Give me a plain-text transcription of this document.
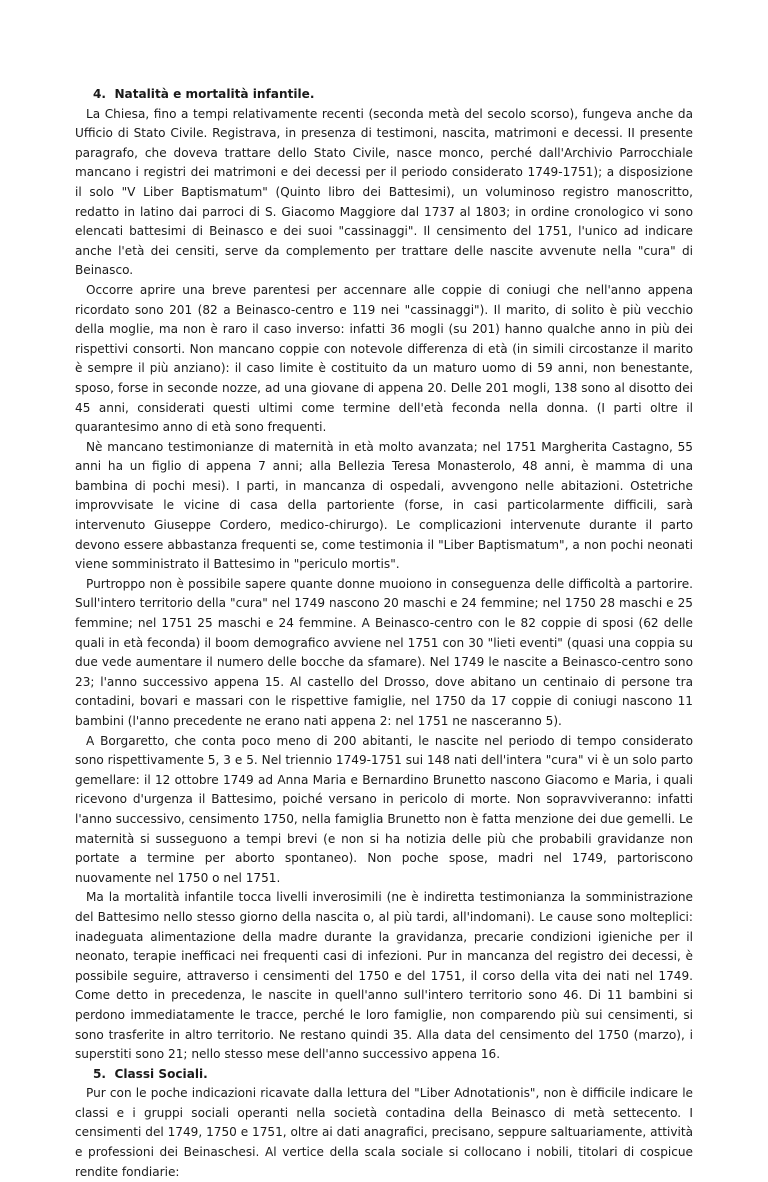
4. Natalità e mortalità infantile.

La Chiesa, fino a tempi relativamente recenti (seconda metà del secolo scorso), fungeva anche da Ufficio di Stato Civile. Registrava, in presenza di testimoni, nascita, matrimoni e decessi. II presente paragrafo, che doveva trattare dello Stato Civile, nasce monco, perché dall'Archivio Parrocchiale mancano i registri dei matrimoni e dei decessi per il periodo considerato 1749-1751); a disposizione il solo "V Liber Baptismatum" (Quinto libro dei Battesimi), un voluminoso registro manoscritto, redatto in latino dai parroci di S. Giacomo Maggiore dal 1737 al 1803; in ordine cronologico vi sono elencati battesimi di Beinasco e dei suoi "cassinaggi". Il censimento del 1751, l'unico ad indicare anche l'età dei censiti, serve da complemento per trattare delle nascite avvenute nella "cura" di Beinasco.

Occorre aprire una breve parentesi per accennare alle coppie di coniugi che nell'anno appena ricordato sono 201 (82 a Beinasco-centro e 119 nei "cassinaggi"). Il marito, di solito è più vecchio della moglie, ma non è raro il caso inverso: infatti 36 mogli (su 201) hanno qualche anno in più dei rispettivi consorti. Non mancano coppie con notevole differenza di età (in simili circostanze il marito è sempre il più anziano): il caso limite è costituito da un maturo uomo di 59 anni, non benestante, sposo, forse in seconde nozze, ad una giovane di appena 20. Delle 201 mogli, 138 sono al disotto dei 45 anni, considerati questi ultimi come termine dell'età feconda nella donna. (I parti oltre il quarantesimo anno di età sono frequenti.

Nè mancano testimonianze di maternità in età molto avanzata; nel 1751 Margherita Castagno, 55 anni ha un figlio di appena 7 anni; alla Bellezia Teresa Monasterolo, 48 anni, è mamma di una bambina di pochi mesi). I parti, in mancanza di ospedali, avvengono nelle abitazioni. Ostetriche improvvisate le vicine di casa della partoriente (forse, in casi particolarmente difficili, sarà intervenuto Giuseppe Cordero, medico-chirurgo). Le complicazioni intervenute durante il parto devono essere abbastanza frequenti se, come testimonia il "Liber Baptismatum", a non pochi neonati viene somministrato il Battesimo in "periculo mortis".

Purtroppo non è possibile sapere quante donne muoiono in conseguenza delle difficoltà a partorire. Sull'intero territorio della "cura" nel 1749 nascono 20 maschi e 24 femmine; nel 1750 28 maschi e 25 femmine; nel 1751 25 maschi e 24 femmine. A Beinasco-centro con le 82 coppie di sposi (62 delle quali in età feconda) il boom demografico avviene nel 1751 con 30 "lieti eventi" (quasi una coppia su due vede aumentare il numero delle bocche da sfamare). Nel 1749 le nascite a Beinasco-centro sono 23; l'anno successivo appena 15. Al castello del Drosso, dove abitano un centinaio di persone tra contadini, bovari e massari con le rispettive famiglie, nel 1750 da 17 coppie di coniugi nascono 11 bambini (l'anno precedente ne erano nati appena 2: nel 1751 ne nasceranno 5).

A Borgaretto, che conta poco meno di 200 abitanti, le nascite nel periodo di tempo considerato sono rispettivamente 5, 3 e 5. Nel triennio 1749-1751 sui 148 nati dell'intera "cura" vi è un solo parto gemellare: il 12 ottobre 1749 ad Anna Maria e Bernardino Brunetto nascono Giacomo e Maria, i quali ricevono d'urgenza il Battesimo, poiché versano in pericolo di morte. Non sopravviveranno: infatti l'anno successivo, censimento 1750, nella famiglia Brunetto non è fatta menzione dei due gemelli. Le maternità si susseguono a tempi brevi (e non si ha notizia delle più che probabili gravidanze non portate a termine per aborto spontaneo). Non poche spose, madri nel 1749, partoriscono nuovamente nel 1750 o nel 1751.

Ma la mortalità infantile tocca livelli inverosimili (ne è indiretta testimonianza la somministrazione del Battesimo nello stesso giorno della nascita o, al più tardi, all'indomani). Le cause sono molteplici: inadeguata alimentazione della madre durante la gravidanza, precarie condizioni igieniche per il neonato, terapie inefficaci nei frequenti casi di infezioni. Pur in mancanza del registro dei decessi, è possibile seguire, attraverso i censimenti del 1750 e del 1751, il corso della vita dei nati nel 1749. Come detto in precedenza, le nascite in quell'anno sull'intero territorio sono 46. Di 11 bambini si perdono immediatamente le tracce, perché le loro famiglie, non comparendo più sui censimenti, si sono trasferite in altro territorio. Ne restano quindi 35. Alla data del censimento del 1750 (marzo), i superstiti sono 21; nello stesso mese dell'anno successivo appena 16.

5. Classi Sociali.

Pur con le poche indicazioni ricavate dalla lettura del "Liber Adnotationis", non è difficile indicare le classi e i gruppi sociali operanti nella società contadina della Beinasco di metà settecento. I censimenti del 1749, 1750 e 1751, oltre ai dati anagrafici, precisano, seppure saltuariamente, attività e professioni dei Beinaschesi. Al vertice della scala sociale si collocano i nobili, titolari di cospicue rendite fondiarie:
